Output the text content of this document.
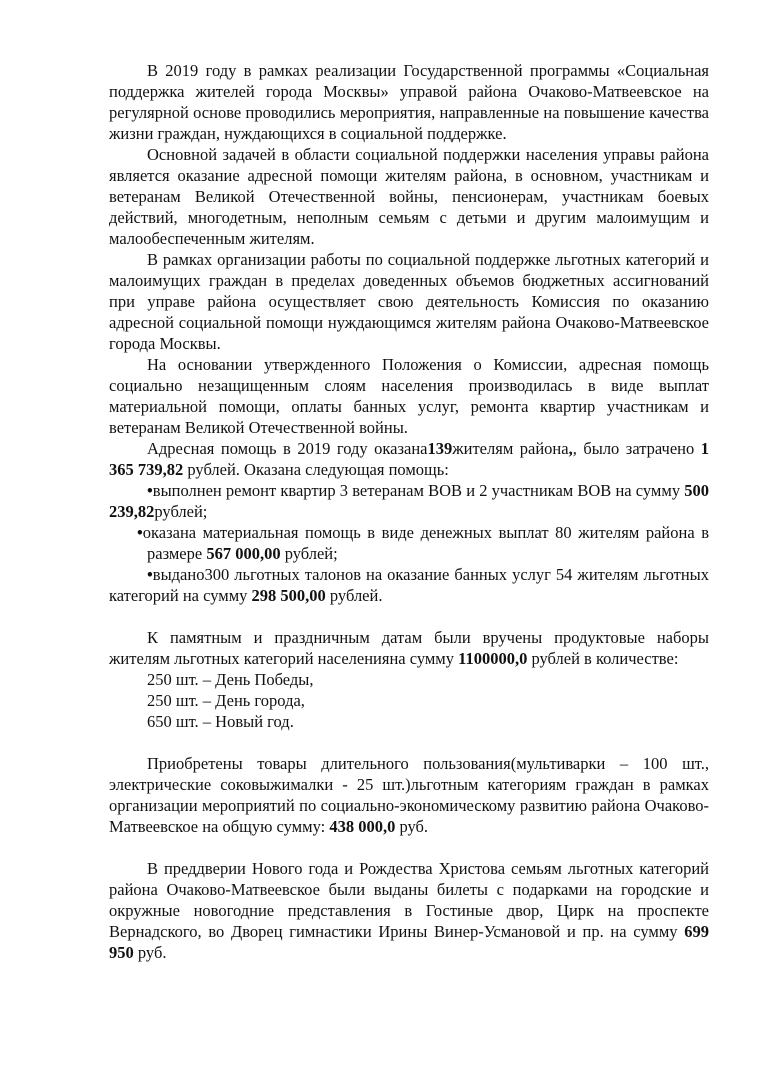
В 2019 году в рамках реализации Государственной программы «Социальная поддержка жителей города Москвы» управой района Очаково-Матвеевское на регулярной основе проводились мероприятия, направленные на повышение качества жизни граждан, нуждающихся в социальной поддержке.

Основной задачей в области социальной поддержки населения управы района является оказание адресной помощи жителям района, в основном, участникам и ветеранам Великой Отечественной войны, пенсионерам, участникам боевых действий, многодетным, неполным семьям с детьми и другим малоимущим и малообеспеченным жителям.

В рамках организации работы по социальной поддержке льготных категорий и малоимущих граждан в пределах доведенных объемов бюджетных ассигнований при управе района осуществляет свою деятельность Комиссия по оказанию адресной социальной помощи нуждающимся жителям района Очаково-Матвеевское города Москвы.

На основании утвержденного Положения о Комиссии, адресная помощь социально незащищенным слоям населения производилась в виде выплат материальной помощи, оплаты банных услуг, ремонта квартир участникам и ветеранам Великой Отечественной войны.

Адресная помощь в 2019 году оказана139жителям района,, было затрачено 1 365 739,82 рублей. Оказана следующая помощь:

•выполнен ремонт квартир 3 ветеранам ВОВ и 2 участникам ВОВ на сумму 500 239,82рублей;

•оказана материальная помощь в виде денежных выплат 80 жителям района в размере 567 000,00 рублей;

•выдано300 льготных талонов на оказание банных услуг 54 жителям льготных категорий на сумму 298 500,00 рублей.

К памятным и праздничным датам были вручены продуктовые наборы жителям льготных категорий населенияна сумму 1100000,0 рублей в количестве:

250 шт. – День Победы,

250 шт. – День города,

650 шт. – Новый год.

Приобретены товары длительного пользования(мультиварки – 100 шт., электрические соковыжималки - 25 шт.)льготным категориям граждан в рамках организации мероприятий по социально-экономическому развитию района Очаково-Матвеевское на общую сумму: 438 000,0 руб.

В преддверии Нового года и Рождества Христова семьям льготных категорий района Очаково-Матвеевское были выданы билеты с подарками на городские и окружные новогодние представления в Гостиные двор, Цирк на проспекте Вернадского, во Дворец гимнастики Ирины Винер-Усмановой и пр. на сумму 699 950 руб.
